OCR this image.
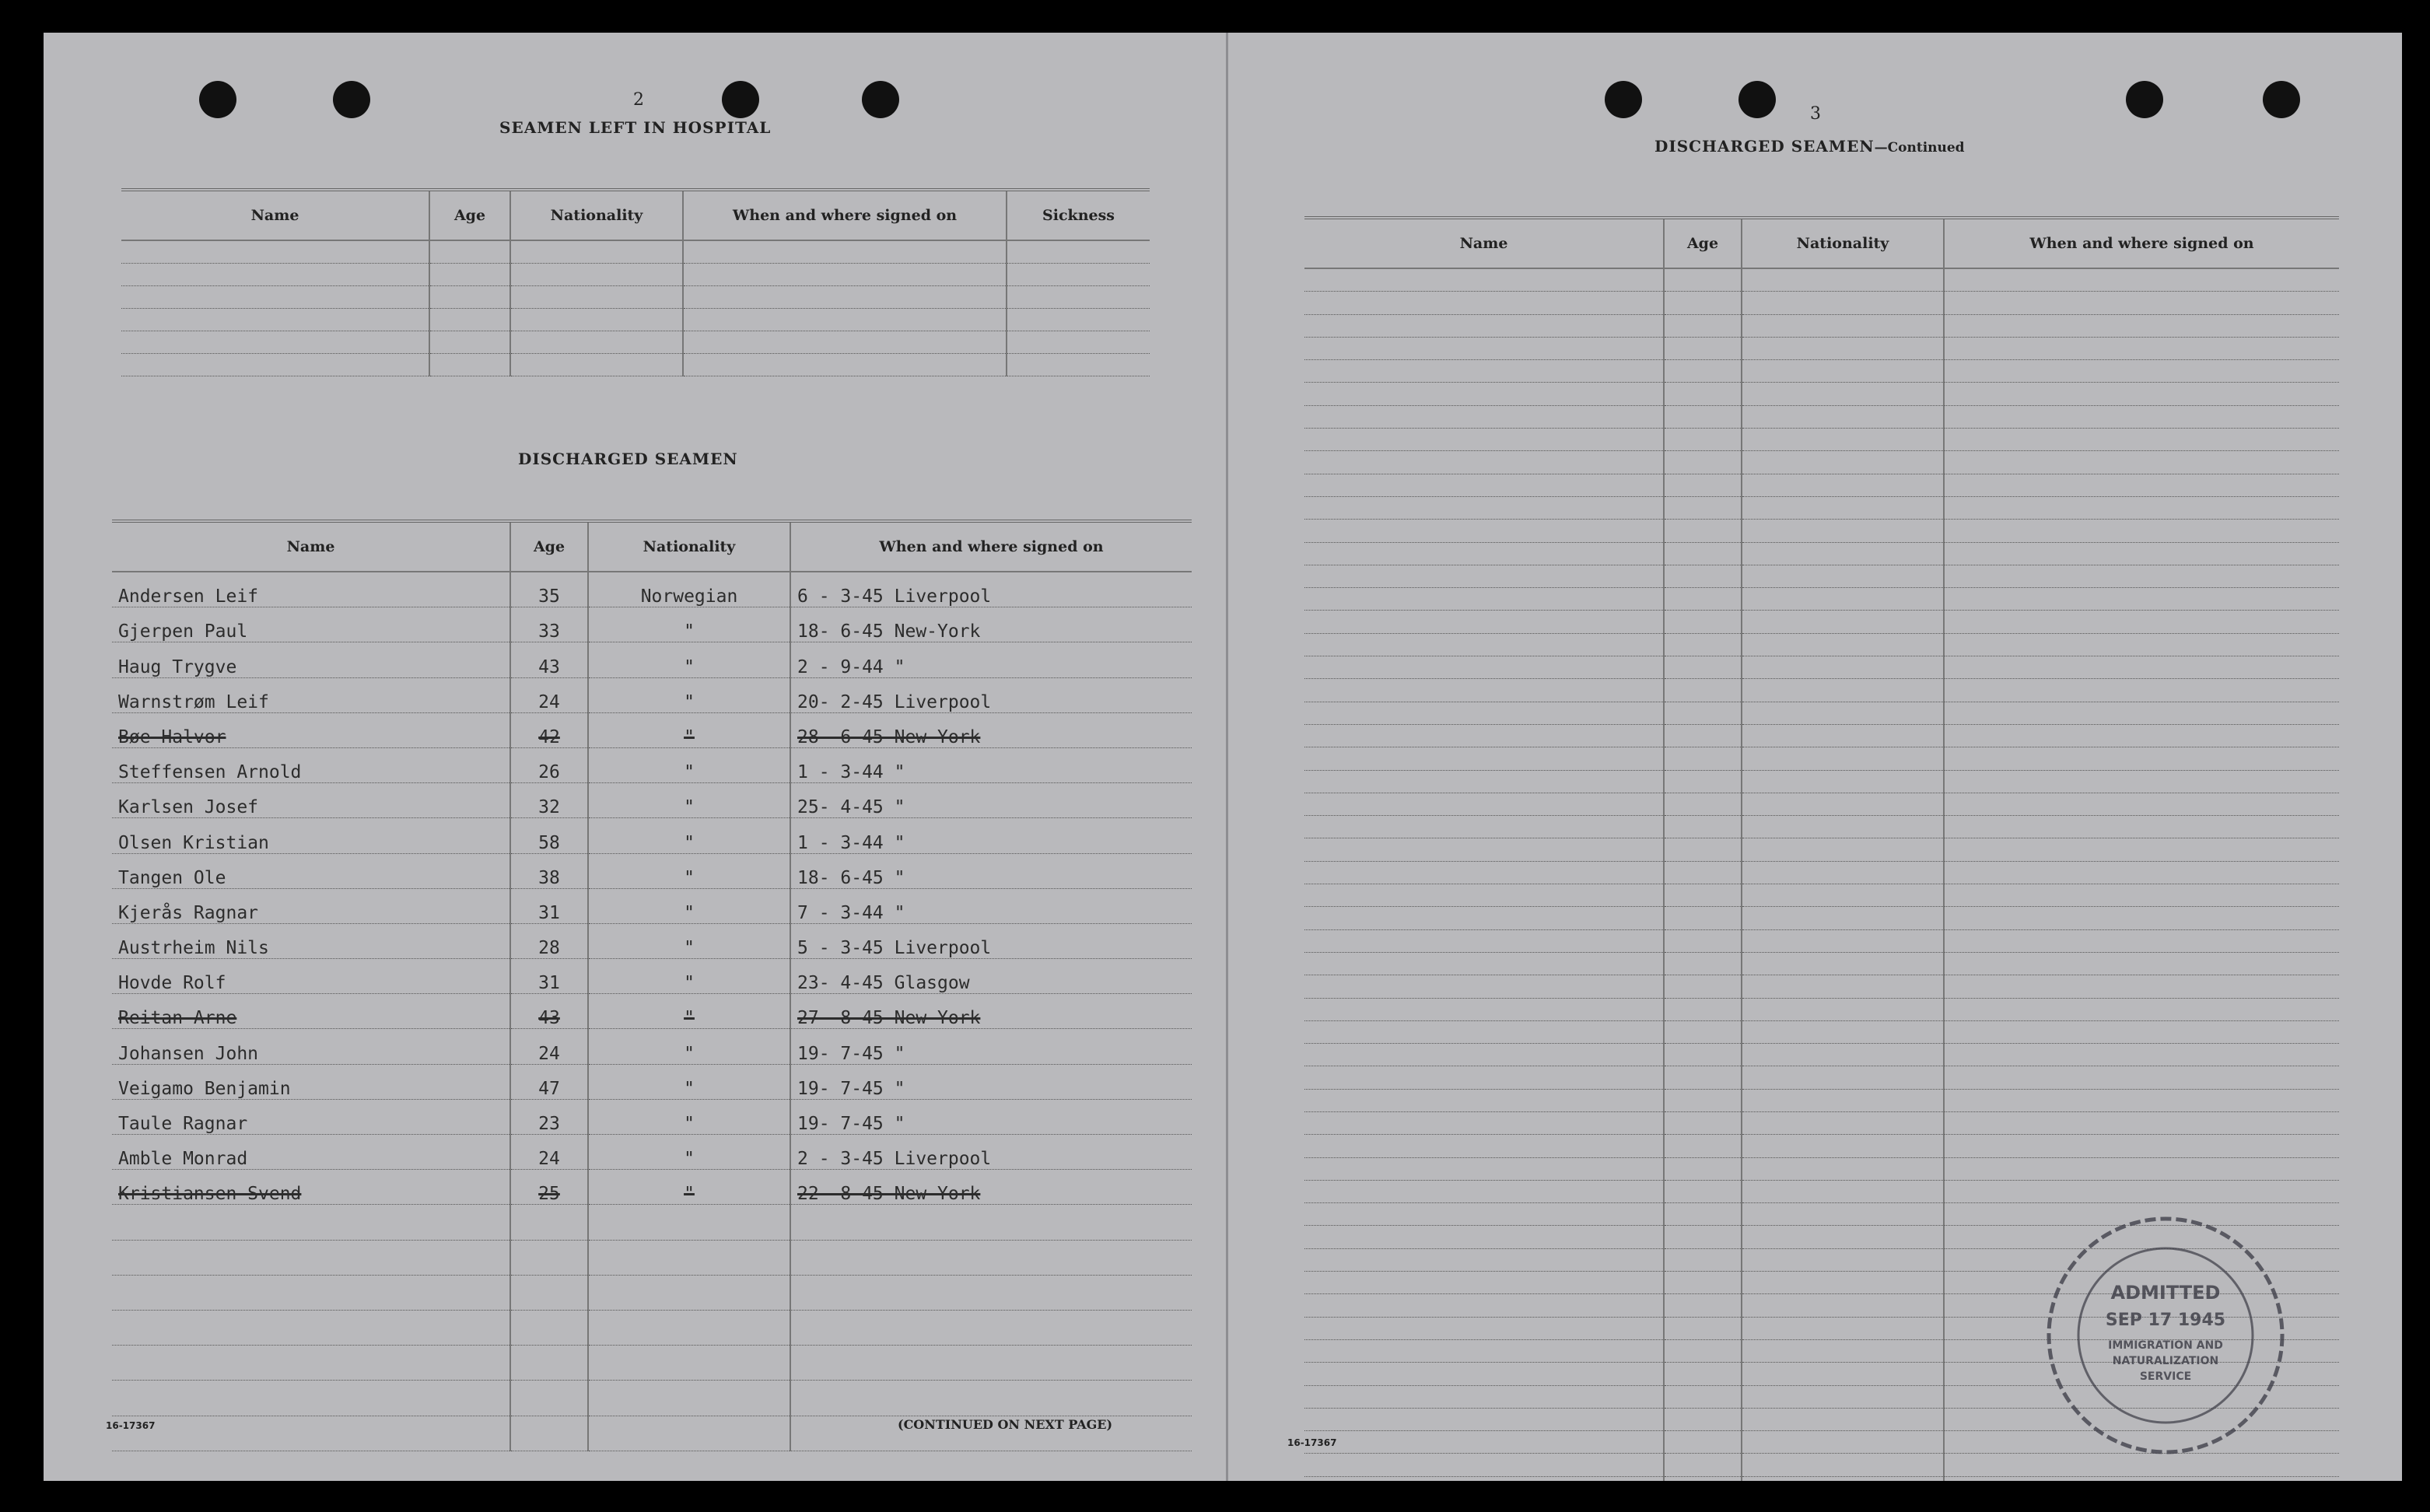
2
SEAMEN LEFT IN HOSPITAL
Name	Age	Nationality	When and where signed on	Sickness

DISCHARGED SEAMEN
Name	Age	Nationality	When and where signed on
Andersen Leif	35	Norwegian	6 - 3-45 Liverpool
Gjerpen Paul	33	"	18- 6-45 New-York
Haug Trygve	43	"	2 - 9-44 "
Warnstrøm Leif	24	"	20- 2-45 Liverpool
Bøe Halvor	42	"	28- 6-45 New-York
Steffensen Arnold	26	"	1 - 3-44 "
Karlsen Josef	32	"	25- 4-45 "
Olsen Kristian	58	"	1 - 3-44 "
Tangen Ole	38	"	18- 6-45 "
Kjerås Ragnar	31	"	7 - 3-44 "
Austrheim Nils	28	"	5 - 3-45 Liverpool
Hovde Rolf	31	"	23- 4-45 Glasgow
Reitan Arne	43	"	27- 8-45 New-York
Johansen John	24	"	19- 7-45 "
Veigamo Benjamin	47	"	19- 7-45 "
Taule Ragnar	23	"	19- 7-45 "
Amble Monrad	24	"	2 - 3-45 Liverpool
Kristiansen Svend	25	"	22- 8-45 New-York

16-17367	(CONTINUED ON NEXT PAGE)
3
DISCHARGED SEAMEN—Continued
Name	Age	Nationality	When and where signed on

16-17367
ADMITTED
SEP 17 1945
IMMIGRATION AND
NATURALIZATION
SERVICE
